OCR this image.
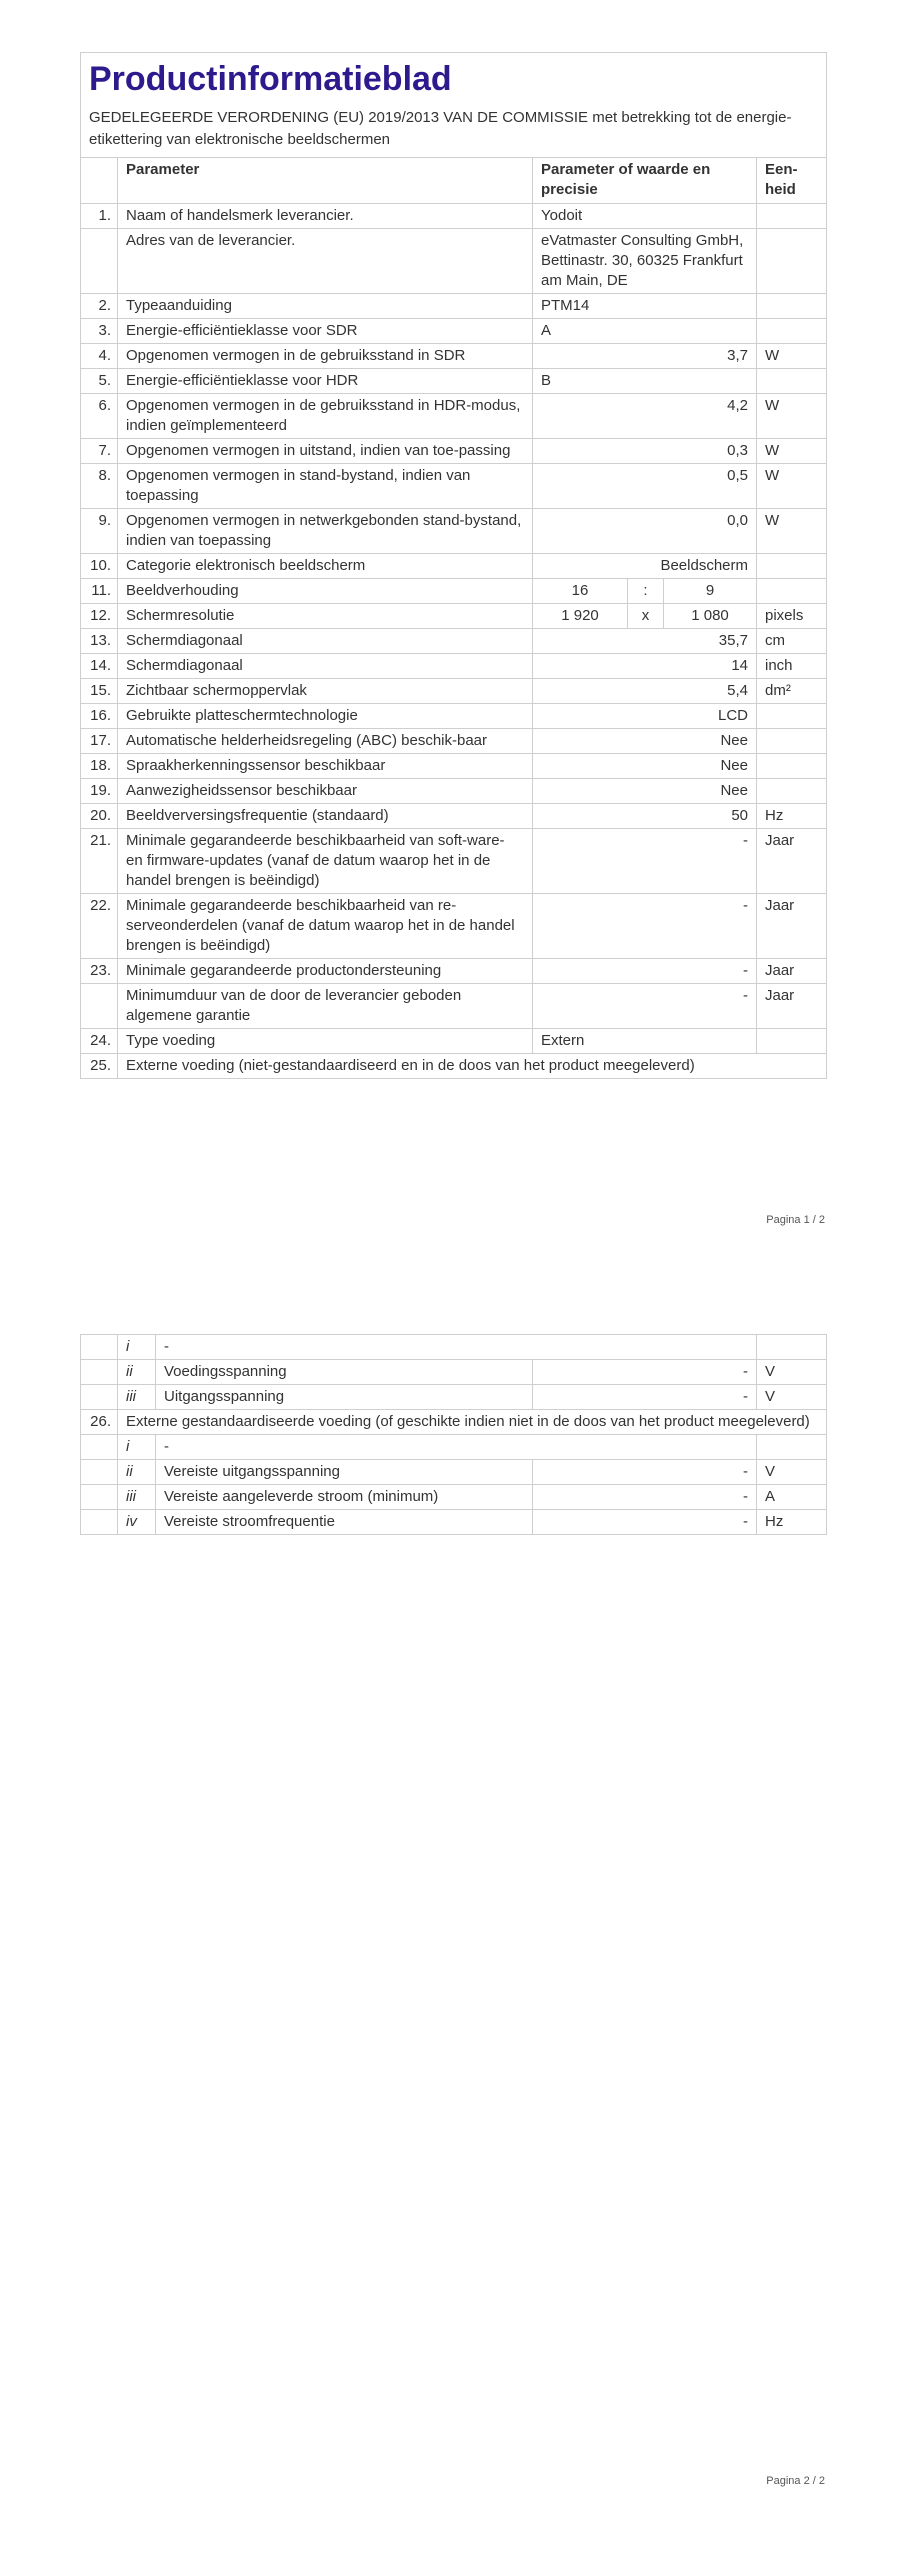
Productinformatieblad
GEDELEGEERDE VERORDENING (EU) 2019/2013 VAN DE COMMISSIE met betrekking tot de energie-etikettering van elektronische beeldschermen					

	Parameter	Parameter of waarde en precisie			Een-heid
1.	Naam of handelsmerk leverancier.	Yodoit			
	Adres van de leverancier.	eVatmaster Consulting GmbH, Bettinastr. 30, 60325 Frankfurt am Main, DE			
2.	Typeaanduiding	PTM14			
3.	Energie-efficiëntieklasse voor SDR	A			
4.	Opgenomen vermogen in de gebruiksstand in SDR	3,7			W
5.	Energie-efficiëntieklasse voor HDR	B			
6.	Opgenomen vermogen in de gebruiksstand in HDR-modus, indien geïmplementeerd	4,2			W
7.	Opgenomen vermogen in uitstand, indien van toe-passing	0,3			W
8.	Opgenomen vermogen in stand-bystand, indien van toepassing	0,5			W
9.	Opgenomen vermogen in netwerkgebonden stand-bystand, indien van toepassing	0,0			W
10.	Categorie elektronisch beeldscherm	Beeldscherm			
11.	Beeldverhouding	16	:	9	
12.	Schermresolutie	1 920	x	1 080	pixels
13.	Schermdiagonaal	35,7			cm
14.	Schermdiagonaal	14			inch
15.	Zichtbaar schermoppervlak	5,4			dm²
16.	Gebruikte platteschermtechnologie	LCD			
17.	Automatische helderheidsregeling (ABC) beschik-baar	Nee			
18.	Spraakherkenningssensor beschikbaar	Nee			
19.	Aanwezigheidssensor beschikbaar	Nee			
20.	Beeldverversingsfrequentie (standaard)	50			Hz
21.	Minimale gegarandeerde beschikbaarheid van soft-ware- en firmware-updates (vanaf de datum waarop het in de handel brengen is beëindigd)	-			Jaar
22.	Minimale gegarandeerde beschikbaarheid van re-serveonderdelen (vanaf de datum waarop het in de handel brengen is beëindigd)	-			Jaar
23.	Minimale gegarandeerde productondersteuning	-			Jaar
	Minimumduur van de door de leverancier geboden algemene garantie	-			Jaar
24.	Type voeding	Extern			
25.	Externe voeding (niet-gestandaardiseerd en in de doos van het product meegeleverd)				
Pagina 1 / 2
	i	-		
	ii	Voedingsspanning	-	V
	iii	Uitgangsspanning	-	V
26.	Externe gestandaardiseerde voeding (of geschikte indien niet in de doos van het product meegeleverd)			
	i	-		
	ii	Vereiste uitgangsspanning	-	V
	iii	Vereiste aangeleverde stroom (minimum)	-	A
	iv	Vereiste stroomfrequentie	-	Hz
Pagina 2 / 2
